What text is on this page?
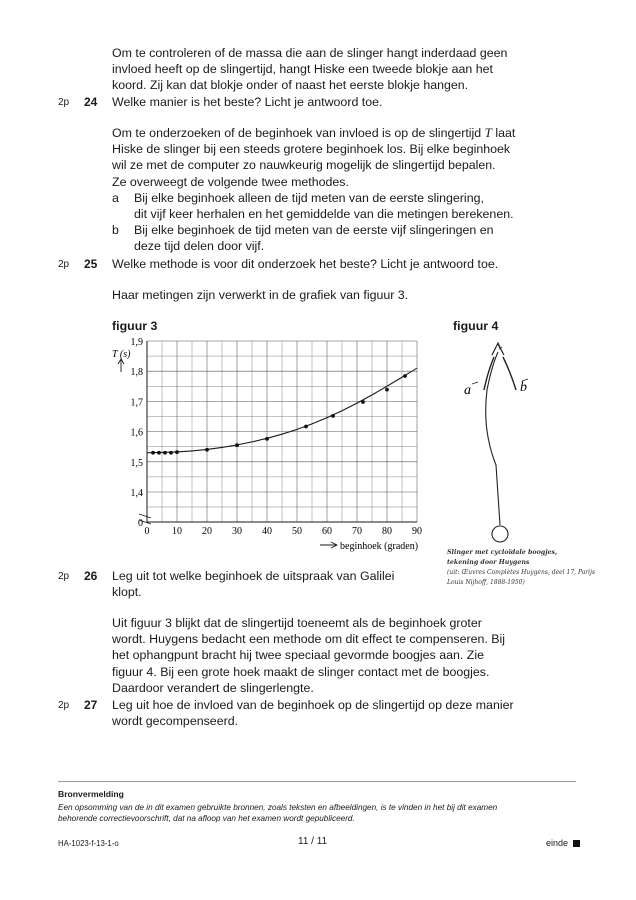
Om te controleren of de massa die aan de slinger hangt inderdaad geen
invloed heeft op de slingertijd, hangt Hiske een tweede blokje aan het
koord. Zij kan dat blokje onder of naast het eerste blokje hangen.
2p 24 Welke manier is het beste? Licht je antwoord toe.
Om te onderzoeken of de beginhoek van invloed is op de slingertijd T laat
Hiske de slinger bij een steeds grotere beginhoek los. Bij elke beginhoek
wil ze met de computer zo nauwkeurig mogelijk de slingertijd bepalen.
Ze overweegt de volgende twee methodes.
a Bij elke beginhoek alleen de tijd meten van de eerste slingering,
dit vijf keer herhalen en het gemiddelde van die metingen berekenen.
b Bij elke beginhoek de tijd meten van de eerste vijf slingeringen en
deze tijd delen door vijf.
2p 25 Welke methode is voor dit onderzoek het beste? Licht je antwoord toe.
Haar metingen zijn verwerkt in de grafiek van figuur 3.
figuur 3	figuur 4
0 10 20 30 40 50 60 70 80 90
0
1,4
1,5
1,6
1,7
1,8
1,9
T (s)
beginhoek (graden)
a	b
Slinger met cycloïdale boogjes,
tekening door Huygens
(uit: Œuvres Complètes Huygens, deel 17, Parijs
Louis Nijhoff, 1888-1950)
2p 26 Leg uit tot welke beginhoek de uitspraak van Galilei
klopt.
Uit figuur 3 blijkt dat de slingertijd toeneemt als de beginhoek groter
wordt. Huygens bedacht een methode om dit effect te compenseren. Bij
het ophangpunt bracht hij twee speciaal gevormde boogjes aan. Zie
figuur 4. Bij een grote hoek maakt de slinger contact met de boogjes.
Daardoor verandert de slingerlengte.
2p 27 Leg uit hoe de invloed van de beginhoek op de slingertijd op deze manier
wordt gecompenseerd.
Bronvermelding
Een opsomming van de in dit examen gebruikte bronnen, zoals teksten en afbeeldingen, is te vinden in het bij dit examen
behorende correctievoorschrift, dat na afloop van het examen wordt gepubliceerd.
HA-1023-f-13-1-o	11 / 11	einde
